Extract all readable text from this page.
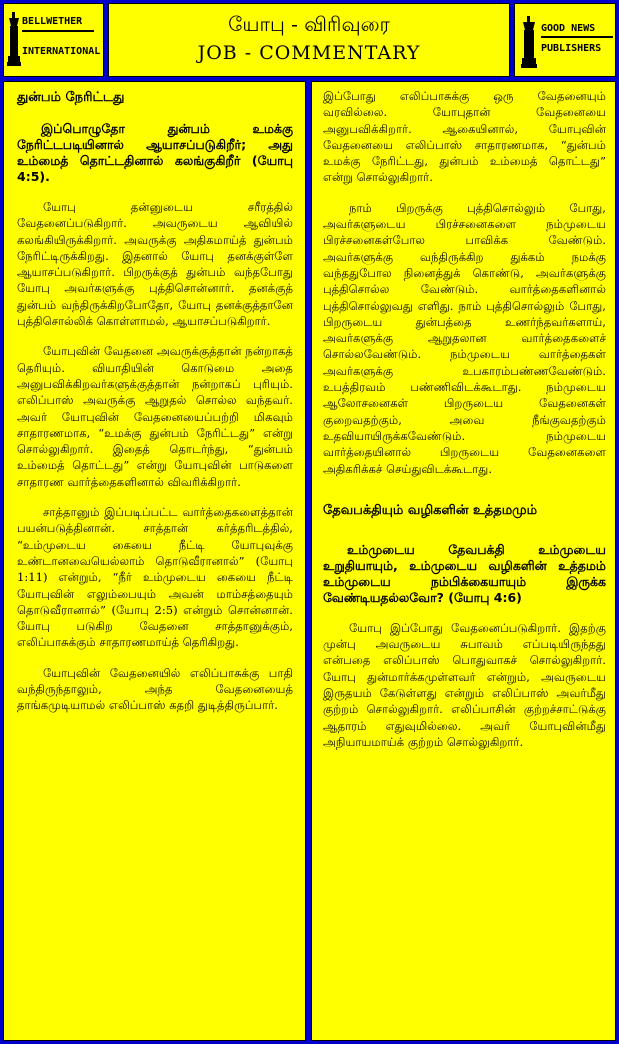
BELLWETHER
INTERNATIONAL
யோபு - விரிவுரை
JOB - COMMENTARY
GOOD NEWS
PUBLISHERS
துன்பம் நேரிட்டது
இப்பொழுதோ துன்பம் உமக்கு நேரிட்டபடியினால் ஆயாசப்படுகிறீர்; அது உம்மைத் தொட்டதினால் கலங்குகிறீர் (யோபு 4:5).

யோபு தன்னுடைய சரீரத்தில் வேதனைப்படுகிறார். அவருடைய ஆவியில் கலங்கியிருக்கிறார். அவருக்கு அதிகமாய்த் துன்பம் நேரிட்டிருக்கிறது. இதனால் யோபு தனக்குள்ளே ஆயாசப்படுகிறார். பிறருக்குத் துன்பம் வந்தபோது யோபு அவர்களுக்கு புத்திசொன்னார். தனக்குத் துன்பம் வந்திருக்கிறபோதோ, யோபு தனக்குத்தானே புத்திசொல்லிக் கொள்ளாமல், ஆயாசப்படுகிறார்.

யோபுவின் வேதனை அவருக்குத்தான் நன்றாகத் தெரியும். வியாதியின் கொடுமை அதை அனுபவிக்கிறவர்களுக்குத்தான் நன்றாகப் புரியும். எலிப்பாஸ் அவருக்கு ஆறுதல் சொல்ல வந்தவர். அவர் யோபுவின் வேதனையைப்பற்றி மிகவும் சாதாரணமாக, “உமக்கு துன்பம் நேரிட்டது” என்று சொல்லுகிறார். இதைத் தொடர்ந்து, “துன்பம் உம்மைத் தொட்டது” என்று யோபுவின் பாடுகளை சாதாரண வார்த்தைகளினால் விவரிக்கிறார்.

சாத்தானும் இப்படிப்பட்ட வார்த்தைகளைத்தான் பயன்படுத்தினான். சாத்தான் கர்த்தரிடத்தில், “உம்முடைய கையை நீட்டி யோபுவுக்கு உண்டானவையெல்லாம் தொடுவீரானால்” (யோபு 1:11) என்றும், “நீர் உம்முடைய கையை நீட்டி யோபுவின் எலும்பையும் அவன் மாம்சத்தையும் தொடுவீரானால்” (யோபு 2:5) என்றும் சொன்னான். யோபு படுகிற வேதனை சாத்தானுக்கும், எலிப்பாசுக்கும் சாதாரணமாய்த் தெரிகிறது.

யோபுவின் வேதனையில் எலிப்பாசுக்கு பாதி வந்திருந்தாலும், அந்த வேதனையைத் தாங்கமுடியாமல் எலிப்பாஸ் கதறி துடித்திருப்பார்.

இப்போது எலிப்பாசுக்கு ஒரு வேதனையும் வரவில்லை. யோபுதான் வேதனையை அனுபவிக்கிறார். ஆகையினால், யோபுவின் வேதனையை எலிப்பாஸ் சாதாரணமாக, “துன்பம் உமக்கு நேரிட்டது, துன்பம் உம்மைத் தொட்டது” என்று சொல்லுகிறார்.

நாம் பிறருக்கு புத்திசொல்லும் போது, அவர்களுடைய பிரச்சனைகளை நம்முடைய பிரச்சனைகள்போல பாவிக்க வேண்டும். அவர்களுக்கு வந்திருக்கிற துக்கம் நமக்கு வந்ததுபோல நினைத்துக் கொண்டு, அவர்களுக்கு புத்திசொல்ல வேண்டும். வார்த்தைகளினால் புத்திசொல்லுவது எளிது. நாம் புத்திசொல்லும் போது, பிறருடைய துன்பத்தை உணர்ந்தவர்களாய், அவர்களுக்கு ஆறுதலான வார்த்தைகளைச் சொல்லவேண்டும். நம்முடைய வார்த்தைகள் அவர்களுக்கு உபகாரம்பண்ணவேண்டும். உபத்திரவம் பண்ணிவிடக்கூடாது. நம்முடைய ஆலோசனைகள் பிறருடைய வேதனைகள் குறைவதற்கும், அவை நீங்குவதற்கும் உதவியாயிருக்கவேண்டும். நம்முடைய வார்த்தையினால் பிறருடைய வேதனைகளை அதிகரிக்கச் செய்துவிடக்கூடாது.

தேவபக்தியும் வழிகளின் உத்தமமும்
உம்முடைய தேவபக்தி உம்முடைய உறுதியாயும், உம்முடைய வழிகளின் உத்தமம் உம்முடைய நம்பிக்கையாயும் இருக்க வேண்டியதல்லவோ? (யோபு 4:6)

யோபு இப்போது வேதனைப்படுகிறார். இதற்கு முன்பு அவருடைய சுபாவம் எப்படியிருந்தது என்பதை எலிப்பாஸ் பொதுவாகச் சொல்லுகிறார். யோபு துன்மார்க்கமுள்ளவர் என்றும், அவருடைய இருதயம் கேடுள்ளது என்றும் எலிப்பாஸ் அவர்மீது குற்றம் சொல்லுகிறார். எலிப்பாசின் குற்றச்சாட்டுக்கு ஆதாரம் எதுவுமில்லை. அவர் யோபுவின்மீது அநியாயமாய்க் குற்றம் சொல்லுகிறார்.
